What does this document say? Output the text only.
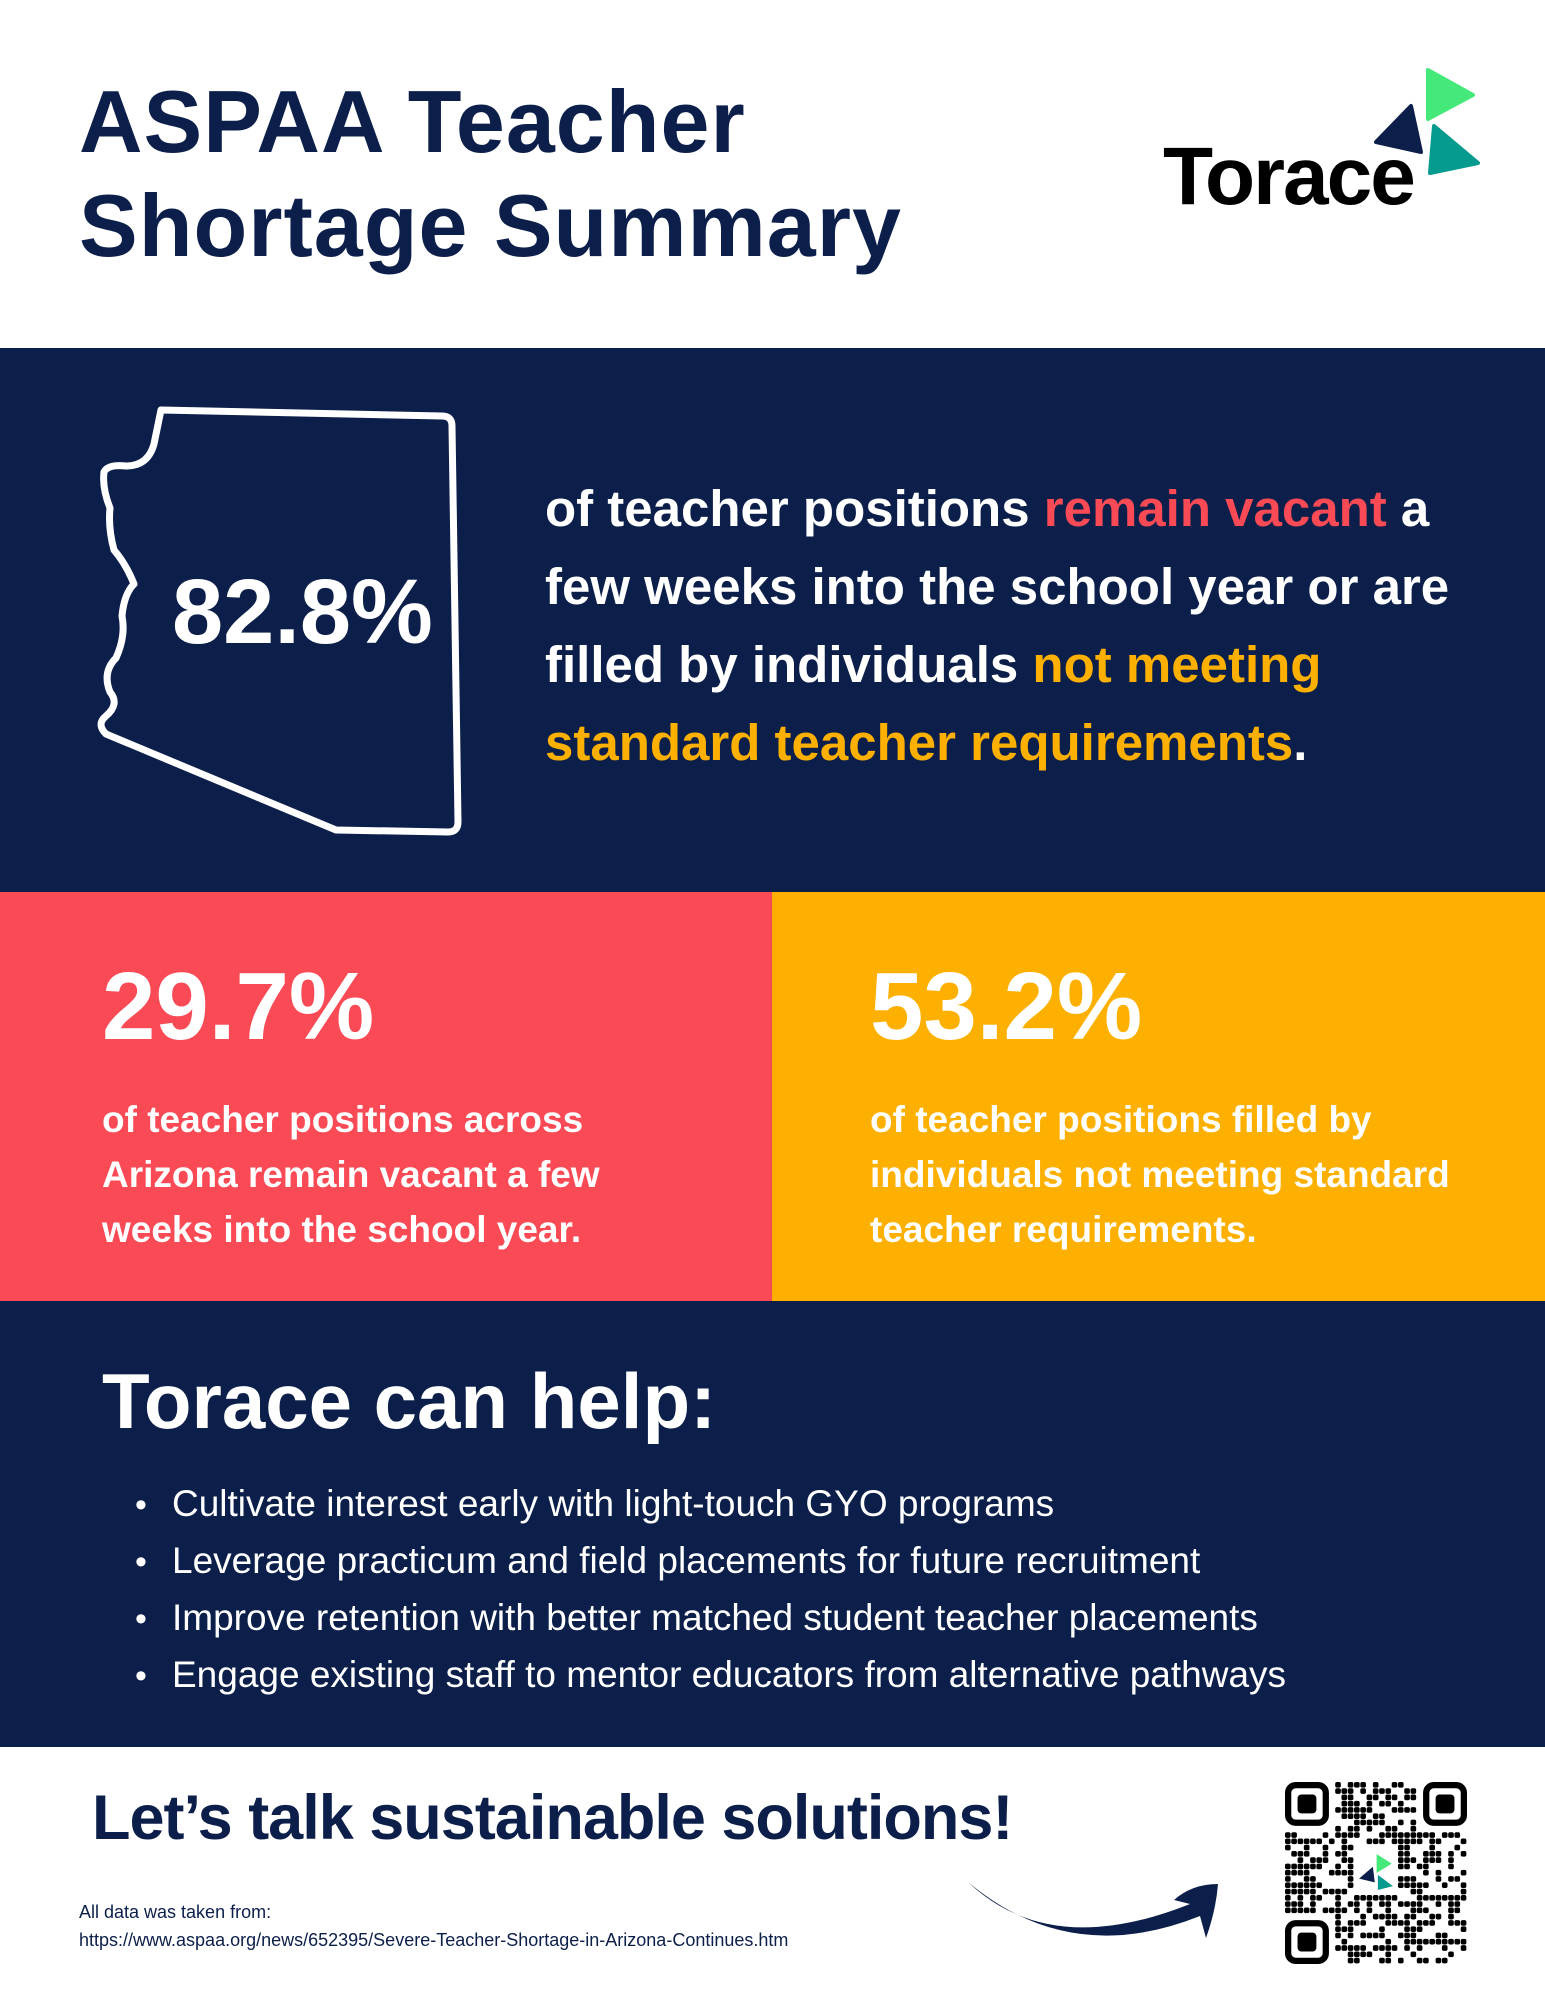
ASPAA Teacher
Shortage Summary	Torace
82.8%
of teacher positions remain vacant a few weeks into the school year or are filled by individuals not meeting standard teacher requirements.
29.7%
of teacher positions across Arizona remain vacant a few weeks into the school year.
53.2%
of teacher positions filled by individuals not meeting standard teacher requirements.
Torace can help:
• Cultivate interest early with light-touch GYO programs
• Leverage practicum and field placements for future recruitment
• Improve retention with better matched student teacher placements
• Engage existing staff to mentor educators from alternative pathways
Let’s talk sustainable solutions!
All data was taken from:
https://www.aspaa.org/news/652395/Severe-Teacher-Shortage-in-Arizona-Continues.htm
